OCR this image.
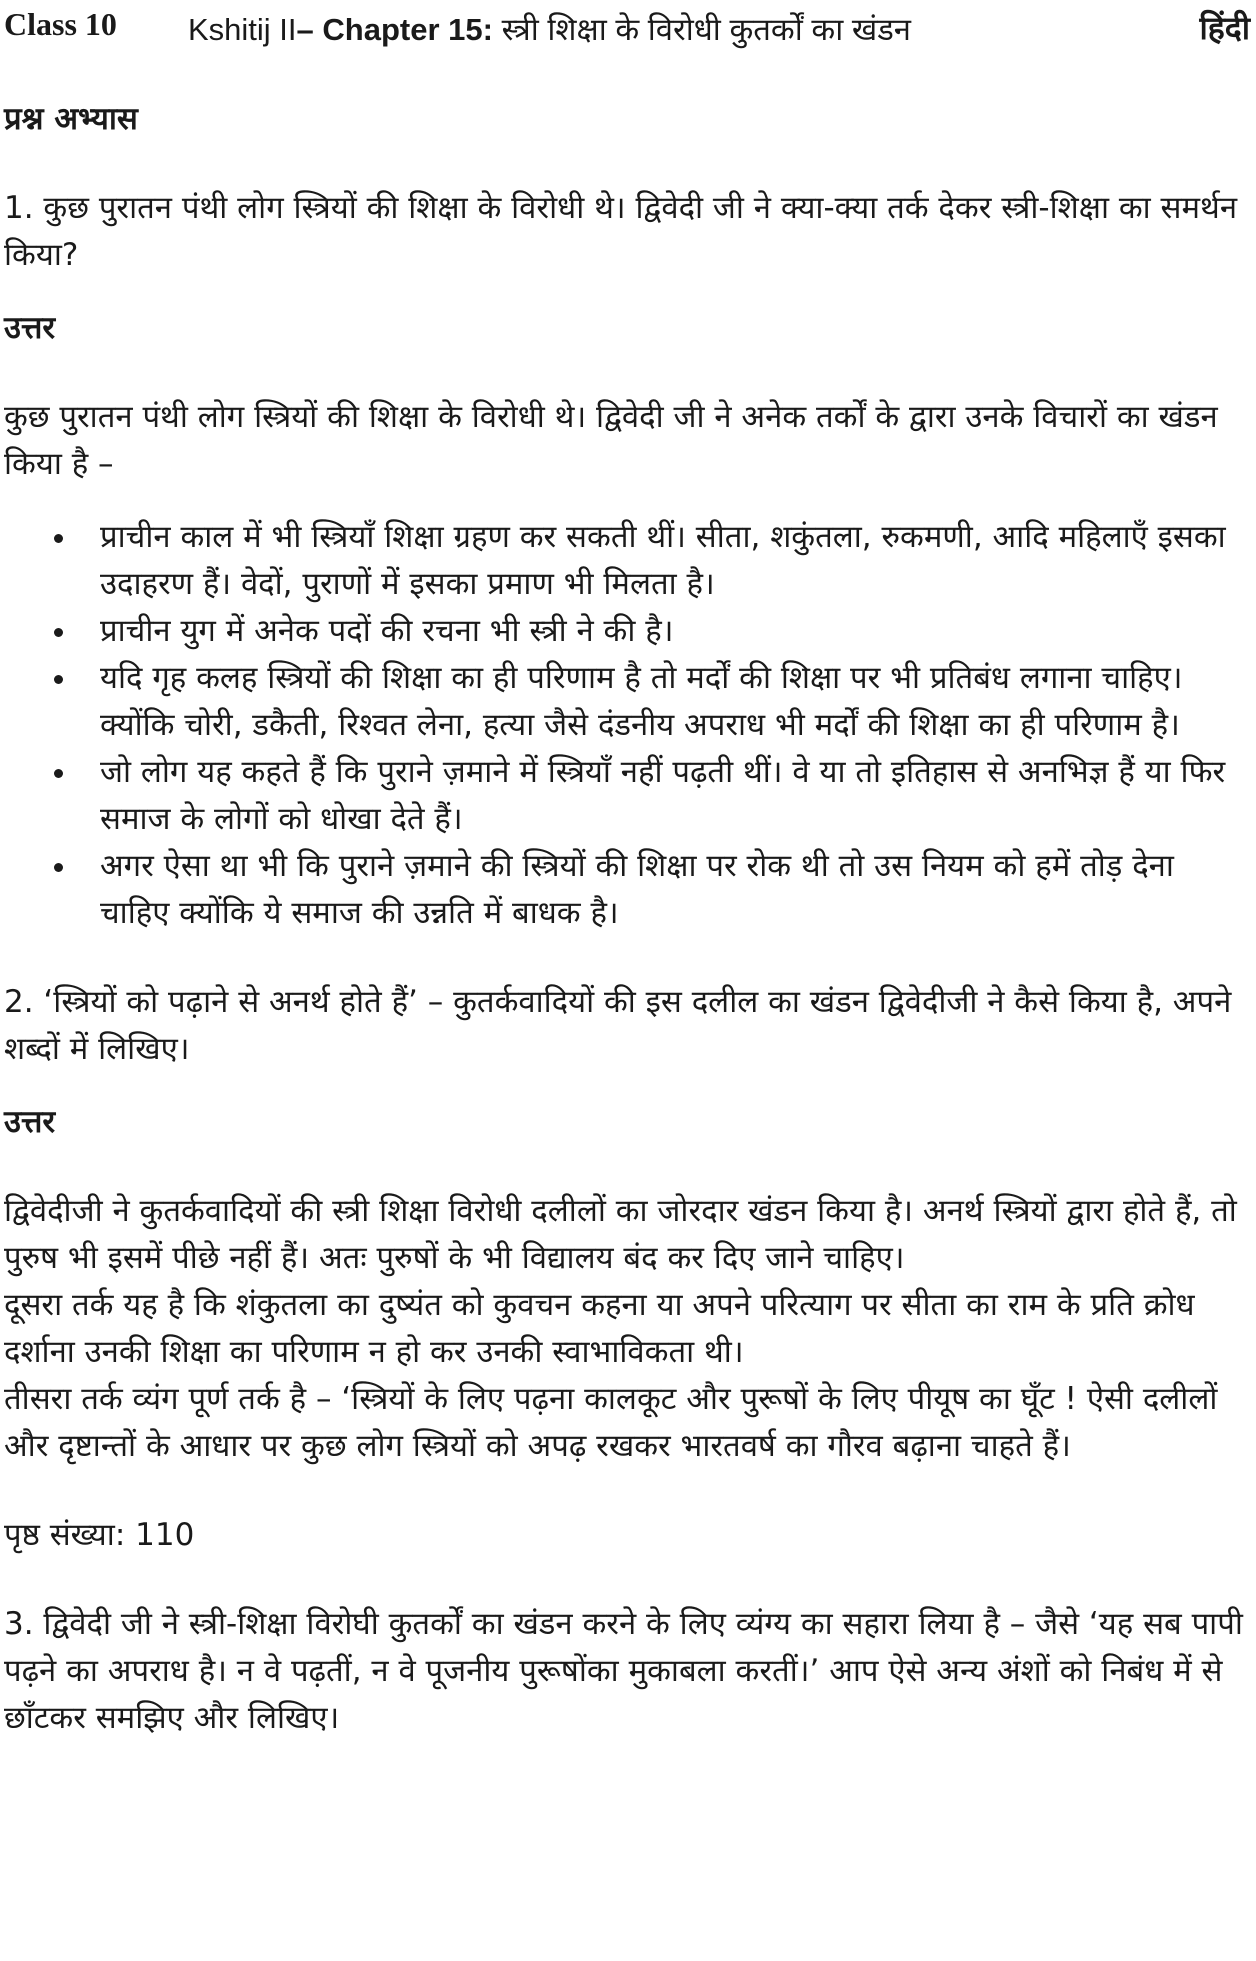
Class 10 Kshitij II– Chapter 15: स्त्री शिक्षा के विरोधी कुतर्कों का खंडन	हिंदी

प्रश्न अभ्यास

1. कुछ पुरातन पंथी लोग स्त्रियों की शिक्षा के विरोधी थे। द्विवेदी जी ने क्या-क्या तर्क देकर स्त्री-शिक्षा का समर्थन किया?

उत्तर

कुछ पुरातन पंथी लोग स्त्रियों की शिक्षा के विरोधी थे। द्विवेदी जी ने अनेक तर्कों के द्वारा उनके विचारों का खंडन किया है –

प्राचीन काल में भी स्त्रियाँ शिक्षा ग्रहण कर सकती थीं। सीता, शकुंतला, रुकमणी, आदि महिलाएँ इसका उदाहरण हैं। वेदों, पुराणों में इसका प्रमाण भी मिलता है।
प्राचीन युग में अनेक पदों की रचना भी स्त्री ने की है।
यदि गृह कलह स्त्रियों की शिक्षा का ही परिणाम है तो मर्दों की शिक्षा पर भी प्रतिबंध लगाना चाहिए। क्योंकि चोरी, डकैती, रिश्वत लेना, हत्या जैसे दंडनीय अपराध भी मर्दों की शिक्षा का ही परिणाम है।
जो लोग यह कहते हैं कि पुराने ज़माने में स्त्रियाँ नहीं पढ़ती थीं। वे या तो इतिहास से अनभिज्ञ हैं या फिर समाज के लोगों को धोखा देते हैं।
अगर ऐसा था भी कि पुराने ज़माने की स्त्रियों की शिक्षा पर रोक थी तो उस नियम को हमें तोड़ देना चाहिए क्योंकि ये समाज की उन्नति में बाधक है।

2. ‘स्त्रियों को पढ़ाने से अनर्थ होते हैं’ – कुतर्कवादियों की इस दलील का खंडन द्विवेदीजी ने कैसे किया है, अपने शब्दों में लिखिए।

उत्तर

द्विवेदीजी ने कुतर्कवादियों की स्त्री शिक्षा विरोधी दलीलों का जोरदार खंडन किया है। अनर्थ स्त्रियों द्वारा होते हैं, तो पुरुष भी इसमें पीछे नहीं हैं। अतः पुरुषों के भी विद्यालय बंद कर दिए जाने चाहिए।

दूसरा तर्क यह है कि शंकुतला का दुष्यंत को कुवचन कहना या अपने परित्याग पर सीता का राम के प्रति क्रोध दर्शाना उनकी शिक्षा का परिणाम न हो कर उनकी स्वाभाविकता थी।

तीसरा तर्क व्यंग पूर्ण तर्क है – ‘स्त्रियों के लिए पढ़ना कालकूट और पुरूषों के लिए पीयूष का घूँट ! ऐसी दलीलों और दृष्टान्तों के आधार पर कुछ लोग स्त्रियों को अपढ़ रखकर भारतवर्ष का गौरव बढ़ाना चाहते हैं।

पृष्ठ संख्या: 110

3. द्विवेदी जी ने स्त्री-शिक्षा विरोघी कुतर्कों का खंडन करने के लिए व्यंग्य का सहारा लिया है – जैसे ‘यह सब पापी पढ़ने का अपराध है। न वे पढ़तीं, न वे पूजनीय पुरूषोंका मुकाबला करतीं।’ आप ऐसे अन्य अंशों को निबंध में से छाँटकर समझिए और लिखिए।
